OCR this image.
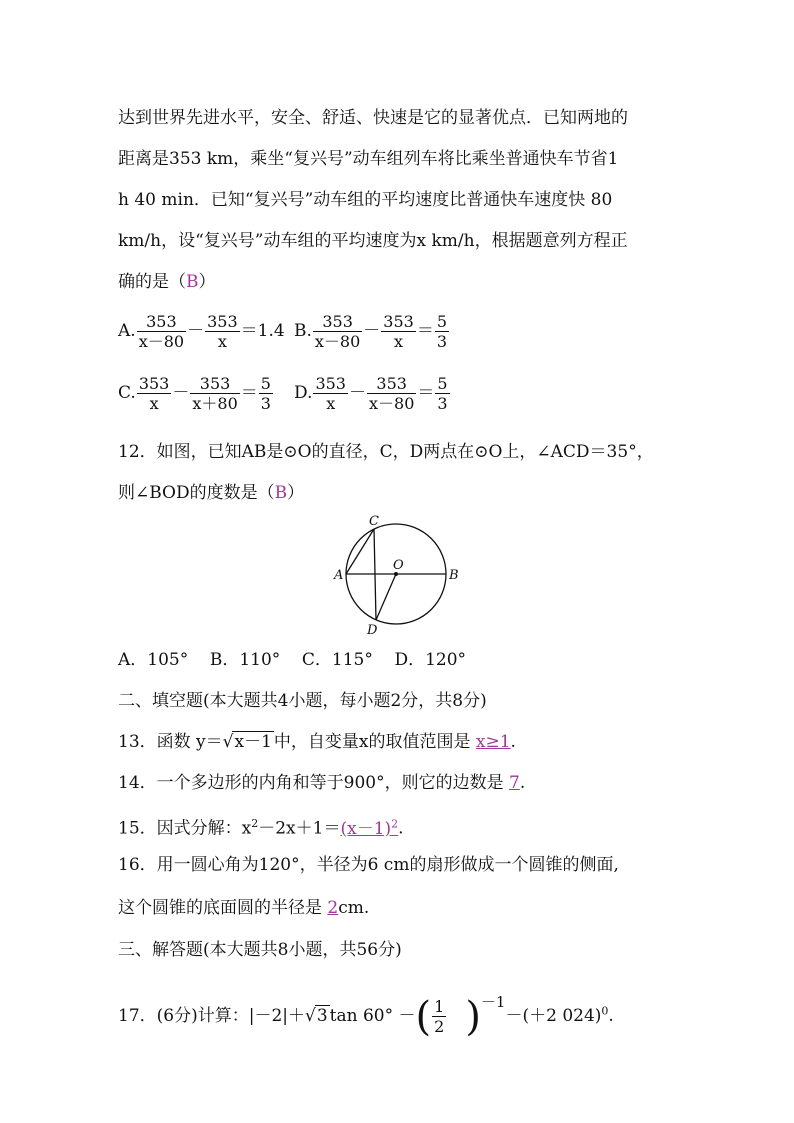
达到世界先进水平，安全、舒适、快速是它的显著优点．已知两地的
距离是353 km，乘坐“复兴号”动车组列车将比乘坐普通快车节省1
h 40 min．已知“复兴号”动车组的平均速度比普通快车速度快 80
km/h，设“复兴号”动车组的平均速度为x km/h，根据题意列方程正
确的是（B）
A. $\frac{353}{x-80} - \frac{353}{x} =1.4$ B. $\frac{353}{x-80} - \frac{353}{x} = \frac{5}{3}$
C. $\frac{353}{x} - \frac{353}{x+80} = \frac{5}{3} D$. $\frac{353}{x} - \frac{353}{x-80} = \frac{5}{3}$
12．如图，已知AB是⊙O的直径，C，D两点在⊙O上，∠ACD＝35°，
则∠BOD的度数是（B）
C
A
O
B
D
A．105°    B．110°    C．115°    D．120°
二、填空题(本大题共4小题，每小题2分，共8分)
13．函数 y＝√x－1 中，自变量x的取值范围是 x≥1.
14．一个多边形的内角和等于900°，则它的边数是 7.
15．因式分解：$x^2-2x+1=(x-1)^2$.
16．用一圆心角为120°，半径为6 cm的扇形做成一个圆锥的侧面,
这个圆锥的底面圆的半径是 2cm.
三、解答题(本大题共8小题，共56分)
17．(6分)计算：|－2|＋√3 tan 60° －( $\frac{1}{2} )^{-1}-(+2$ 024)$^0$.
